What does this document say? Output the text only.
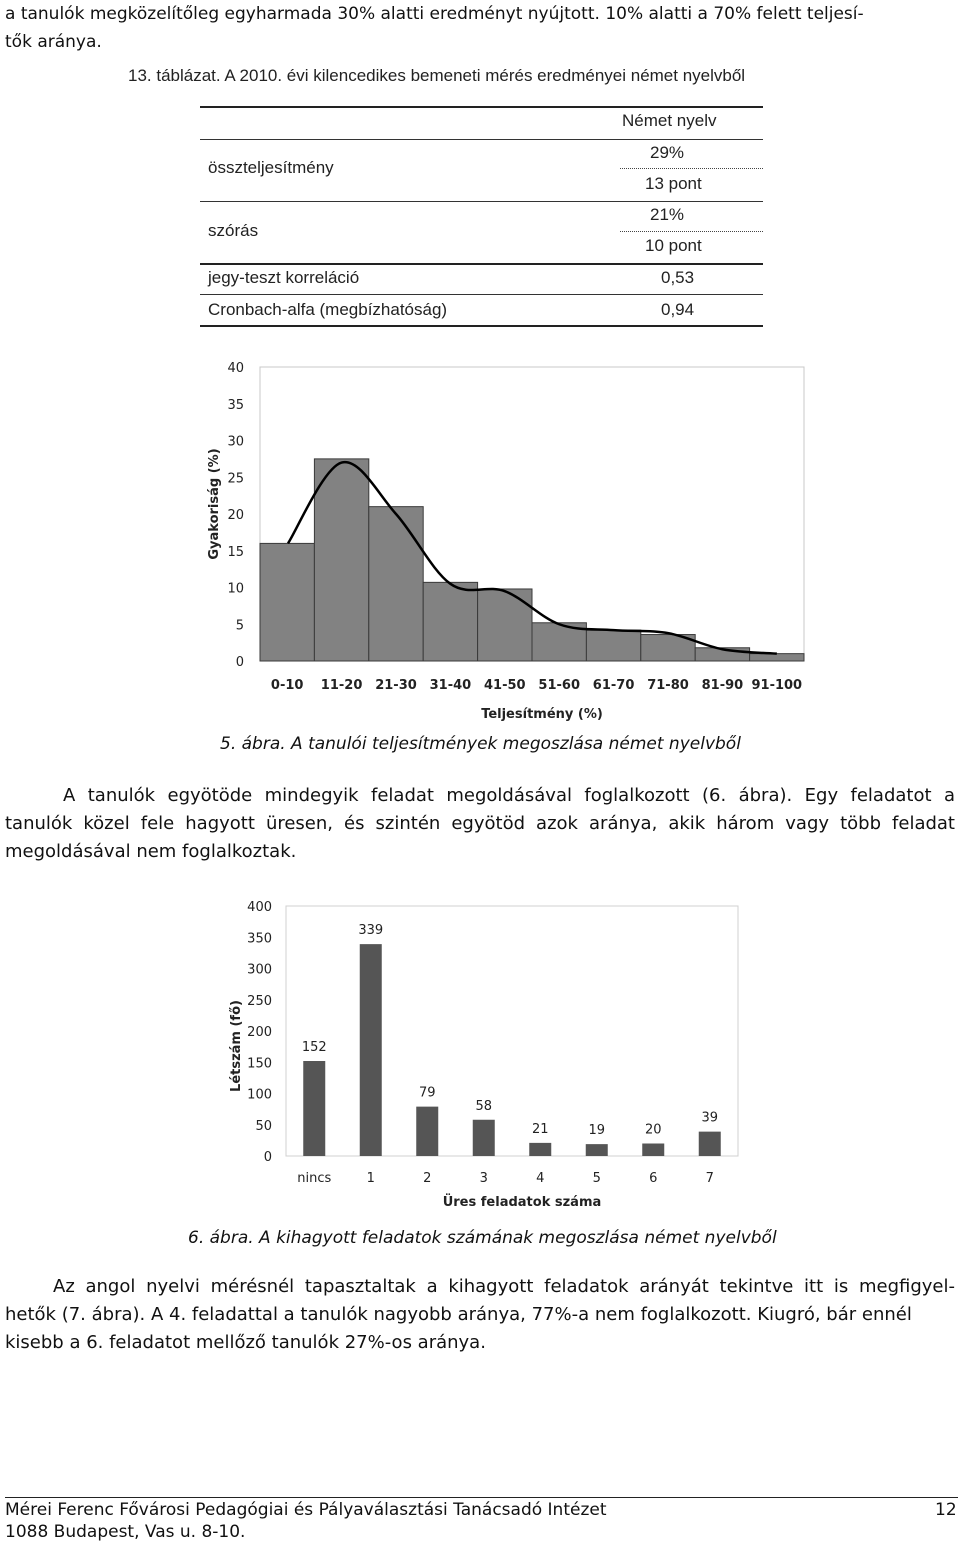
a tanulók megközelítőleg egyharmada 30% alatti eredményt nyújtott. 10% alatti a 70% felett teljesí-
tők aránya.
13. táblázat. A 2010. évi kilencedikes bemeneti mérés eredményei német nyelvből
Német nyelv
összteljesítmény
29%
13 pont
szórás
21%
10 pont
jegy-teszt korreláció	0,53
Cronbach-alfa (megbízhatóság)	0,94
0
5
10
15
20
25
30
35
40
0-10 11-20 21-30 31-40 41-50 51-60 61-70 71-80 81-90 91-100
Teljesítmény (%)
Gyakoriság (%)
5. ábra. A tanulói teljesítmények megoszlása német nyelvből
A tanulók egyötöde mindegyik feladat megoldásával foglalkozott (6. ábra). Egy feladatot a
tanulók közel fele hagyott üresen, és szintén egyötöd azok aránya, akik három vagy több feladat
megoldásával nem foglalkoztak.
0
50
100
150
200
250
300
350
400
152
nincs
339
1
79
2
58
3
21
4
19
5
20
6
39
7
Üres feladatok száma
Létszám (fő)
6. ábra. A kihagyott feladatok számának megoszlása német nyelvből
Az angol nyelvi mérésnél tapasztaltak a kihagyott feladatok arányát tekintve itt is megfigyel-
hetők (7. ábra). A 4. feladattal a tanulók nagyobb aránya, 77%-a nem foglalkozott. Kiugró, bár ennél
kisebb a 6. feladatot mellőző tanulók 27%-os aránya.
Mérei Ferenc Fővárosi Pedagógiai és Pályaválasztási Tanácsadó Intézet
1088 Budapest, Vas u. 8-10.
12
